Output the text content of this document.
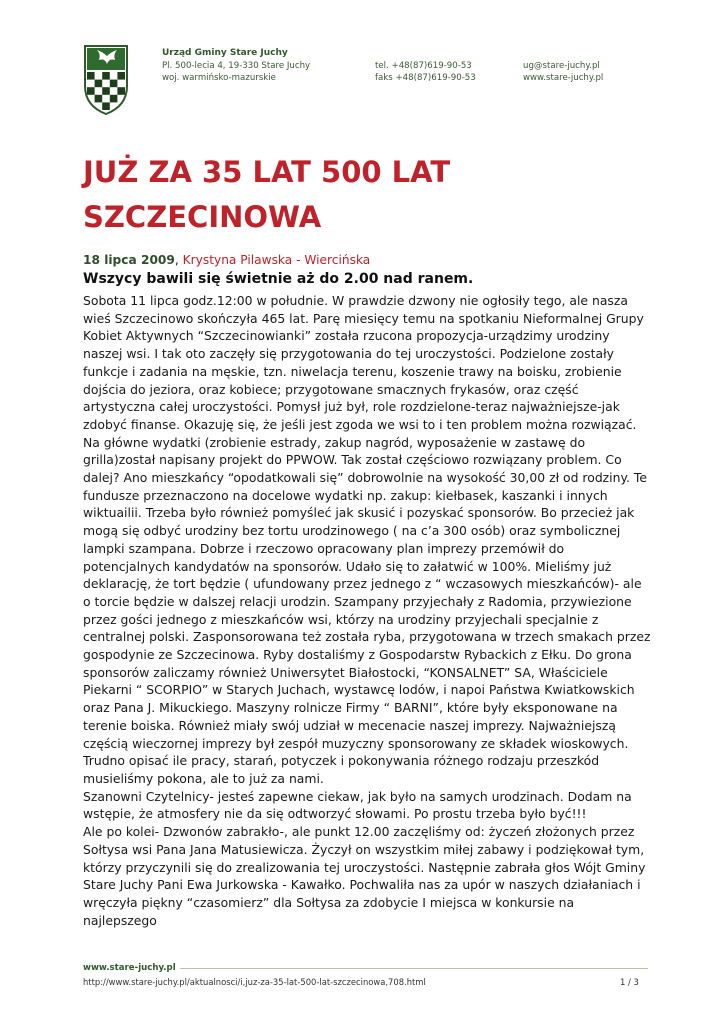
Urząd Gminy Stare Juchy
Pl. 500-lecia 4, 19-330 Stare Juchy
woj. warmińsko-mazurskie
tel. +48(87)619-90-53
faks +48(87)619-90-53
ug@stare-juchy.pl
www.stare-juchy.pl
JUŻ ZA 35 LAT 500 LAT SZCZECINOWA
18 lipca 2009, Krystyna Pilawska - Wiercińska
Wszycy bawili się świetnie aż do 2.00 nad ranem.

Sobota 11 lipca godz.12:00 w południe. W prawdzie dzwony nie ogłosiły tego, ale nasza wieś Szczecinowo skończyła 465 lat. Parę miesięcy temu na spotkaniu Nieformalnej Grupy Kobiet Aktywnych “Szczecinowianki” została rzucona propozycja-urządzimy urodziny naszej wsi. I tak oto zaczęły się przygotowania do tej uroczystości. Podzielone zostały funkcje i zadania na męskie, tzn. niwelacja terenu, koszenie trawy na boisku, zrobienie dojścia do jeziora, oraz kobiece; przygotowane smacznych frykasów, oraz część artystyczna całej uroczystości. Pomysł już był, role rozdzielone-teraz najważniejsze-jak zdobyć finanse. Okazuję się, że jeśli jest zgoda we wsi to i ten problem można rozwiązać. Na główne wydatki (zrobienie estrady, zakup nagród, wyposażenie w zastawę do grilla)został napisany projekt do PPWOW. Tak został częściowo rozwiązany problem. Co dalej? Ano mieszkańcy “opodatkowali się” dobrowolnie na wysokość 30,00 zł od rodziny. Te fundusze przeznaczono na docelowe wydatki np. zakup: kiełbasek, kaszanki i innych wiktuailii. Trzeba było również pomyśleć jak skusić i pozyskać sponsorów. Bo przecież jak mogą się odbyć urodziny bez tortu urodzinowego ( na c’a 300 osób) oraz symbolicznej lampki szampana. Dobrze i rzeczowo opracowany plan imprezy przemówił do potencjalnych kandydatów na sponsorów. Udało się to załatwić w 100%. Mieliśmy już deklarację, że tort będzie ( ufundowany przez jednego z “ wczasowych mieszkańców)- ale o torcie będzie w dalszej relacji urodzin. Szampany przyjechały z Radomia, przywiezione przez gości jednego z mieszkańców wsi, którzy na urodziny przyjechali specjalnie z centralnej polski. Zasponsorowana też została ryba, przygotowana w trzech smakach przez gospodynie ze Szczecinowa. Ryby dostaliśmy z Gospodarstw Rybackich z Ełku. Do grona sponsorów zaliczamy również Uniwersytet Białostocki, “KONSALNET” SA, Właściciele Piekarni “ SCORPIO” w Starych Juchach, wystawcę lodów, i napoi Państwa Kwiatkowskich oraz Pana J. Mikuckiego. Maszyny rolnicze Firmy “ BARNI”, które były eksponowane na terenie boiska. Również miały swój udział w mecenacie naszej imprezy. Najważniejszą częścią wieczornej imprezy był zespół muzyczny sponsorowany ze składek wioskowych.

Trudno opisać ile pracy, starań, potyczek i pokonywania różnego rodzaju przeszkód musieliśmy pokona, ale to już za nami.

Szanowni Czytelnicy- jesteś zapewne ciekaw, jak było na samych urodzinach. Dodam na wstępie, że atmosfery nie da się odtworzyć słowami. Po prostu trzeba było być!!!

Ale po kolei- Dzwonów zabrakło-, ale punkt 12.00 zaczęliśmy od: życzeń złożonych przez Sołtysa wsi Pana Jana Matusiewicza. Życzył on wszystkim miłej zabawy i podziękował tym, którzy przyczynili się do zrealizowania tej uroczystości. Następnie zabrała głos Wójt Gminy Stare Juchy Pani Ewa Jurkowska - Kawałko. Pochwaliła nas za upór w naszych działaniach i wręczyła piękny “czasomierz” dla Sołtysa za zdobycie I miejsca w konkursie na najlepszego

www.stare-juchy.pl
http://www.stare-juchy.pl/aktualnosci/i,juz-za-35-lat-500-lat-szczecinowa,708.html	1 / 3
